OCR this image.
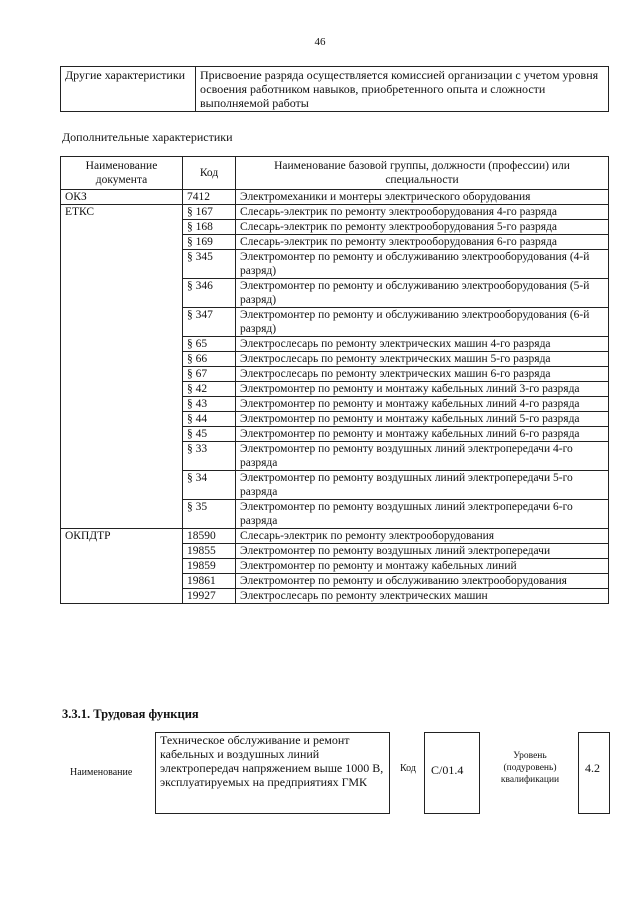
46
Другие характеристики	Присвоение разряда осуществляется комиссией организации с учетом уровня освоения работником навыков, приобретенного опыта и сложности выполняемой работы
Дополнительные характеристики
Наименование документа	Код	Наименование базовой группы, должности (профессии) или специальности
ОКЗ	7412	Электромеханики и монтеры электрического оборудования
ЕТКС	§ 167	Слесарь-электрик по ремонту электрооборудования 4-го разряда
	§ 168	Слесарь-электрик по ремонту электрооборудования 5-го разряда
	§ 169	Слесарь-электрик по ремонту электрооборудования 6-го разряда
	§ 345	Электромонтер по ремонту и обслуживанию электрооборудования (4-й разряд)
	§ 346	Электромонтер по ремонту и обслуживанию электрооборудования (5-й разряд)
	§ 347	Электромонтер по ремонту и обслуживанию электрооборудования (6-й разряд)
	§ 65	Электрослесарь по ремонту электрических машин 4-го разряда
	§ 66	Электрослесарь по ремонту электрических машин 5-го разряда
	§ 67	Электрослесарь по ремонту электрических машин 6-го разряда
	§ 42	Электромонтер по ремонту и монтажу кабельных линий 3-го разряда
	§ 43	Электромонтер по ремонту и монтажу кабельных линий 4-го разряда
	§ 44	Электромонтер по ремонту и монтажу кабельных линий 5-го разряда
	§ 45	Электромонтер по ремонту и монтажу кабельных линий 6-го разряда
	§ 33	Электромонтер по ремонту воздушных линий электропередачи 4-го разряда
	§ 34	Электромонтер по ремонту воздушных линий электропередачи 5-го разряда
	§ 35	Электромонтер по ремонту воздушных линий электропередачи 6-го разряда
ОКПДТР	18590	Слесарь-электрик по ремонту электрооборудования
	19855	Электромонтер по ремонту воздушных линий электропередачи
	19859	Электромонтер по ремонту и монтажу кабельных линий
	19861	Электромонтер по ремонту и обслуживанию электрооборудования
	19927	Электрослесарь по ремонту электрических машин
3.3.1. Трудовая функция
Наименование
Техническое обслуживание и ремонт кабельных и воздушных линий электропередач напряжением выше 1000 В, эксплуатируемых на предприятиях ГМК
Код	C/01.4
Уровень (подуровень) квалификации
4.2
